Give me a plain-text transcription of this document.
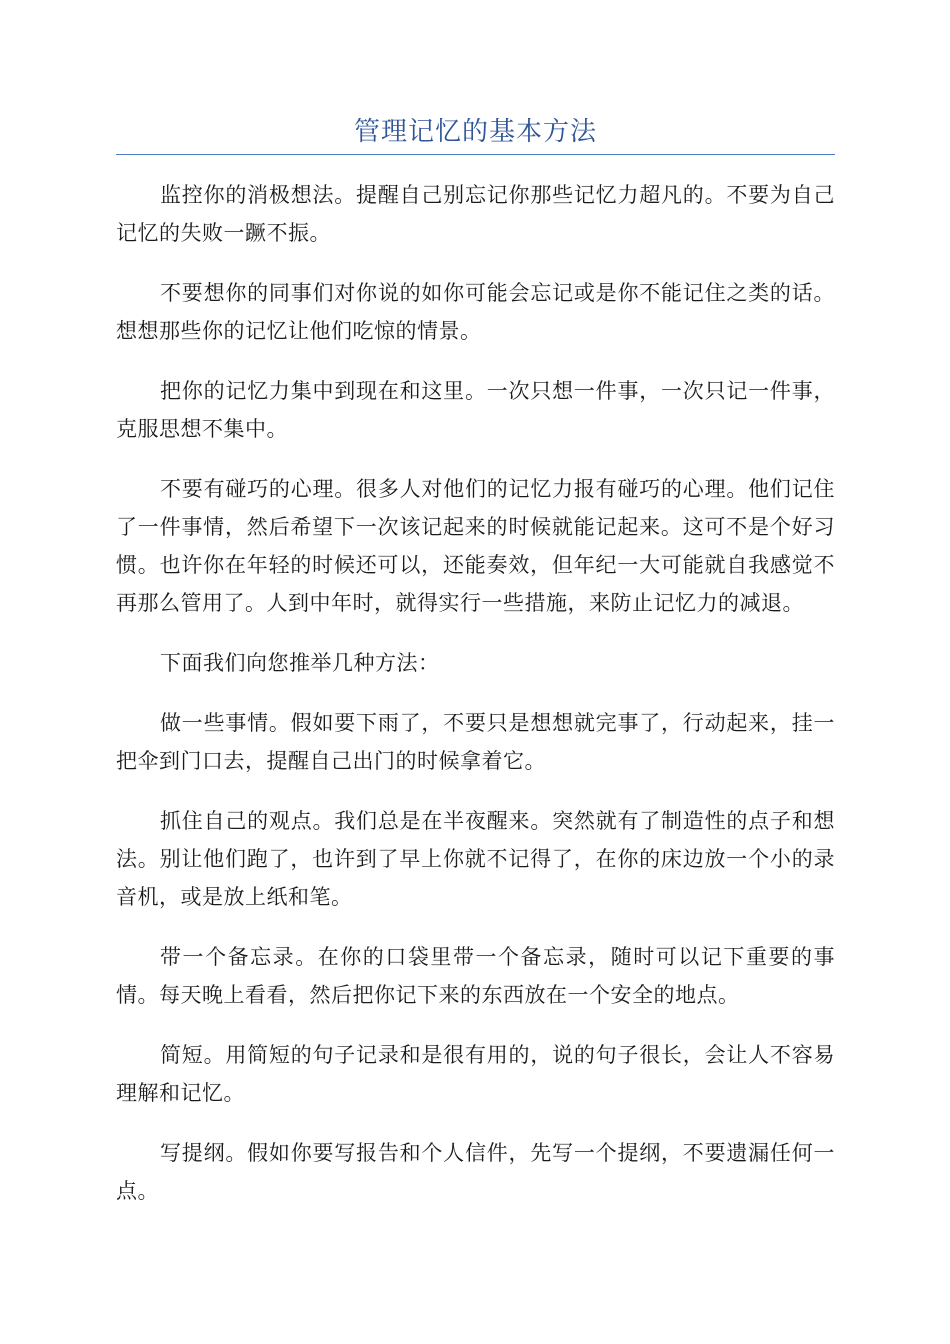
管理记忆的基本方法

监控你的消极想法。提醒自己别忘记你那些记忆力超凡的。不要为自己记忆的失败一蹶不振。

不要想你的同事们对你说的如你可能会忘记或是你不能记住之类的话。想想那些你的记忆让他们吃惊的情景。

把你的记忆力集中到现在和这里。一次只想一件事，一次只记一件事，克服思想不集中。

不要有碰巧的心理。很多人对他们的记忆力报有碰巧的心理。他们记住了一件事情，然后希望下一次该记起来的时候就能记起来。这可不是个好习惯。也许你在年轻的时候还可以，还能奏效，但年纪一大可能就自我感觉不再那么管用了。人到中年时，就得实行一些措施，来防止记忆力的减退。

下面我们向您推举几种方法：

做一些事情。假如要下雨了，不要只是想想就完事了，行动起来，挂一把伞到门口去，提醒自己出门的时候拿着它。

抓住自己的观点。我们总是在半夜醒来。突然就有了制造性的点子和想法。别让他们跑了，也许到了早上你就不记得了，在你的床边放一个小的录音机，或是放上纸和笔。

带一个备忘录。在你的口袋里带一个备忘录，随时可以记下重要的事情。每天晚上看看，然后把你记下来的东西放在一个安全的地点。

简短。用简短的句子记录和是很有用的，说的句子很长，会让人不容易理解和记忆。

写提纲。假如你要写报告和个人信件，先写一个提纲，不要遗漏任何一点。
